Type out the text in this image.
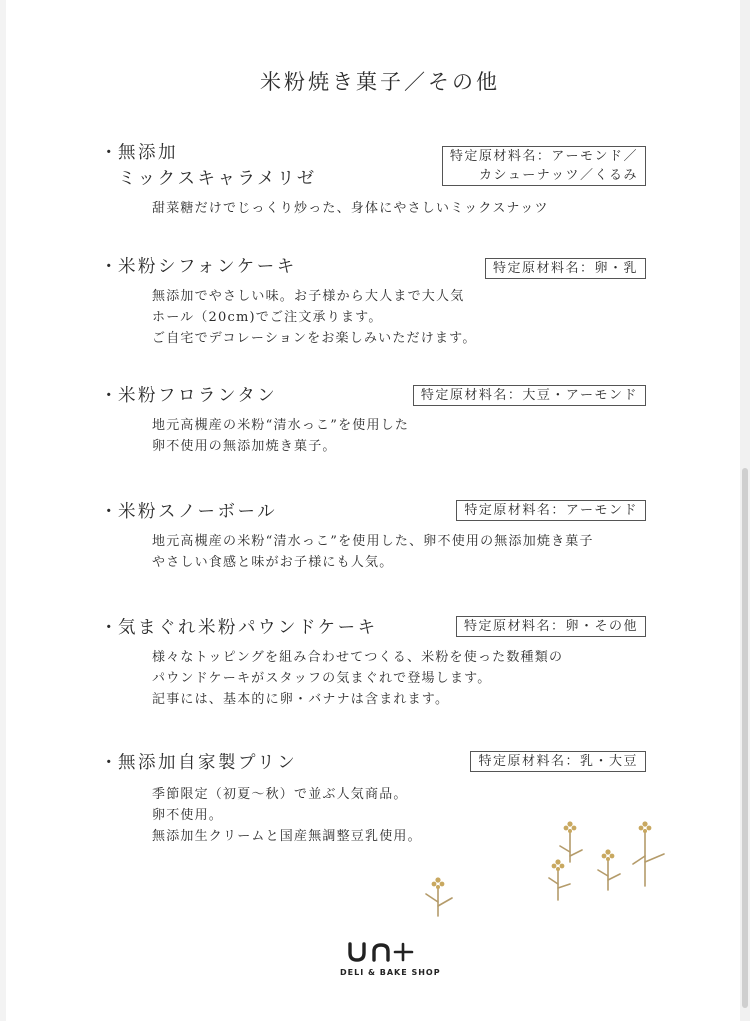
米粉焼き菓子／その他
・無添加
ミックスキャラメリゼ
特定原材料名：アーモンド／
カシューナッツ／くるみ
甜菜糖だけでじっくり炒った、身体にやさしいミックスナッツ
・米粉シフォンケーキ	特定原材料名：卵・乳
無添加でやさしい味。お子様から大人まで大人気
ホール（20cm)でご注文承ります。
ご自宅でデコレーションをお楽しみいただけます。
・米粉フロランタン	特定原材料名：大豆・アーモンド
地元高槻産の米粉“清水っこ”を使用した
卵不使用の無添加焼き菓子。
・米粉スノーボール	特定原材料名：アーモンド
地元高槻産の米粉“清水っこ”を使用した、卵不使用の無添加焼き菓子
やさしい食感と味がお子様にも人気。
・気まぐれ米粉パウンドケーキ	特定原材料名：卵・その他
様々なトッピングを組み合わせてつくる、米粉を使った数種類の
パウンドケーキがスタッフの気まぐれで登場します。
記事には、基本的に卵・バナナは含まれます。
・無添加自家製プリン	特定原材料名：乳・大豆
季節限定（初夏～秋）で並ぶ人気商品。
卵不使用。
無添加生クリームと国産無調整豆乳使用。
un+
DELI & BAKE SHOP
